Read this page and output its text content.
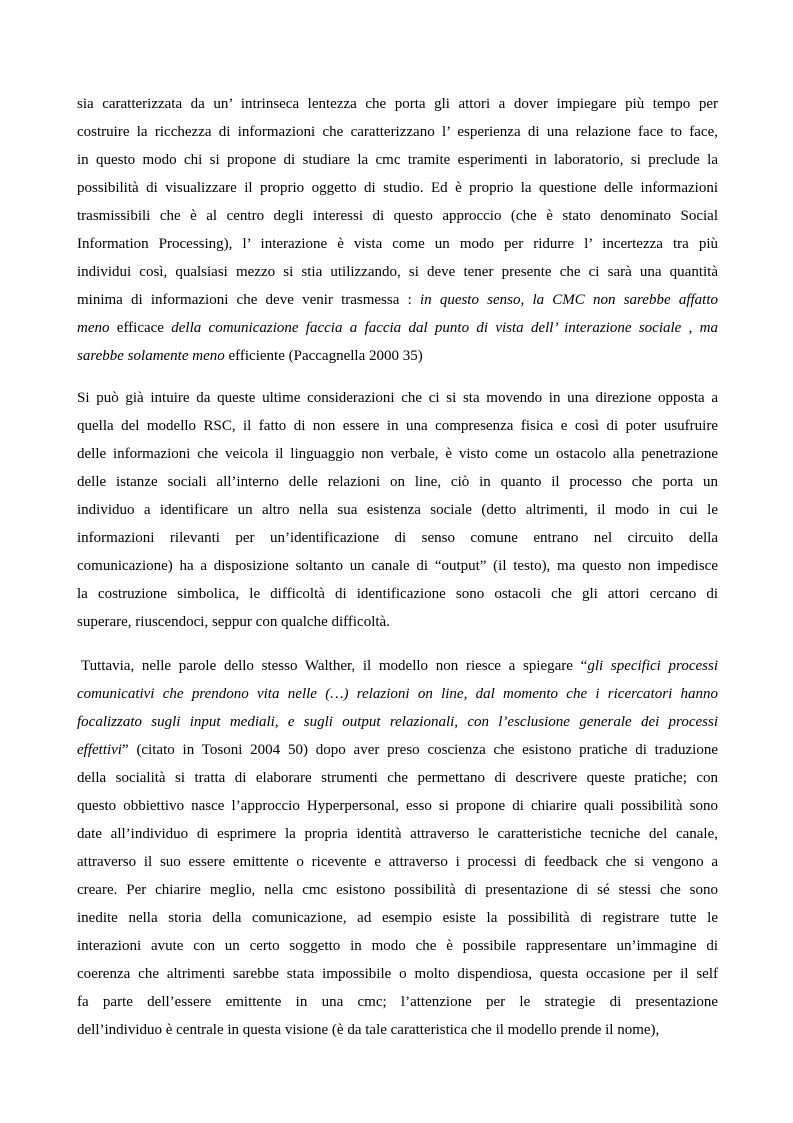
sia caratterizzata da un’ intrinseca lentezza che porta gli attori a dover impiegare più tempo per
costruire la ricchezza di informazioni che caratterizzano l’ esperienza di una relazione face to face,
in questo modo chi si propone di studiare la cmc tramite esperimenti in laboratorio, si preclude la
possibilità di visualizzare il proprio oggetto di studio. Ed è proprio la questione delle informazioni
trasmissibili che è al centro degli interessi di questo approccio (che è stato denominato Social
Information Processing), l’ interazione è vista come un modo per ridurre l’ incertezza tra più
individui così, qualsiasi mezzo si stia utilizzando, si deve tener presente che ci sarà una quantità
minima di informazioni che deve venir trasmessa : in questo senso, la CMC non sarebbe affatto
meno efficace della comunicazione faccia a faccia dal punto di vista dell’ interazione sociale , ma
sarebbe solamente meno efficiente (Paccagnella 2000 35)
Si può già intuire da queste ultime considerazioni che ci si sta movendo in una direzione opposta a
quella del modello RSC, il fatto di non essere in una compresenza fisica e così di poter usufruire
delle informazioni che veicola il linguaggio non verbale, è visto come un ostacolo alla penetrazione
delle istanze sociali all’interno delle relazioni on line, ciò in quanto il processo che porta un
individuo a identificare un altro nella sua esistenza sociale (detto altrimenti, il modo in cui le
informazioni rilevanti per un’identificazione di senso comune entrano nel circuito della
comunicazione) ha a disposizione soltanto un canale di “output” (il testo), ma questo non impedisce
la costruzione simbolica, le difficoltà di identificazione sono ostacoli che gli attori cercano di
superare, riuscendoci, seppur con qualche difficoltà.
Tuttavia, nelle parole dello stesso Walther, il modello non riesce a spiegare “gli specifici processi
comunicativi che prendono vita nelle (…) relazioni on line, dal momento che i ricercatori hanno
focalizzato sugli input mediali, e sugli output relazionali, con l’esclusione generale dei processi
effettivi” (citato in Tosoni 2004 50) dopo aver preso coscienza che esistono pratiche di traduzione
della socialità si tratta di elaborare strumenti che permettano di descrivere queste pratiche; con
questo obbiettivo nasce l’approccio Hyperpersonal, esso si propone di chiarire quali possibilità sono
date all’individuo di esprimere la propria identità attraverso le caratteristiche tecniche del canale,
attraverso il suo essere emittente o ricevente e attraverso i processi di feedback che si vengono a
creare. Per chiarire meglio, nella cmc esistono possibilità di presentazione di sé stessi che sono
inedite nella storia della comunicazione, ad esempio esiste la possibilità di registrare tutte le
interazioni avute con un certo soggetto in modo che è possibile rappresentare un’immagine di
coerenza che altrimenti sarebbe stata impossibile o molto dispendiosa, questa occasione per il self
fa parte dell’essere emittente in una cmc; l’attenzione per le strategie di presentazione
dell’individuo è centrale in questa visione (è da tale caratteristica che il modello prende il nome),
